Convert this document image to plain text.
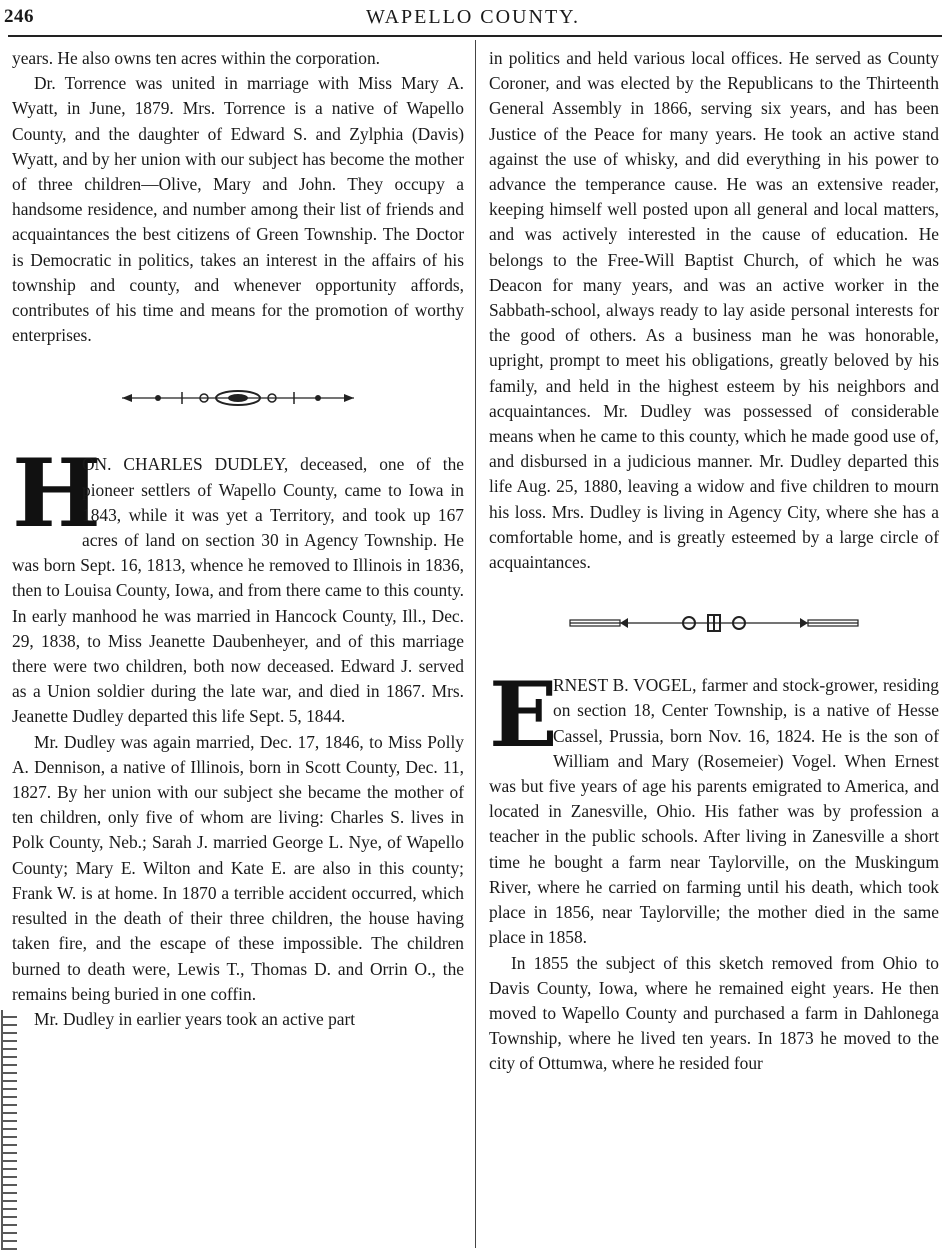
246	WAPELLO COUNTY.

years. He also owns ten acres within the corporation.

Dr. Torrence was united in marriage with Miss Mary A. Wyatt, in June, 1879. Mrs. Torrence is a native of Wapello County, and the daughter of Edward S. and Zylphia (Davis) Wyatt, and by her union with our subject has become the mother of three children—Olive, Mary and John. They occupy a handsome residence, and number among their list of friends and acquaintances the best citizens of Green Township. The Doctor is Democratic in politics, takes an interest in the affairs of his township and county, and whenever opportunity affords, contributes of his time and means for the promotion of worthy enterprises.

H
ON. CHARLES DUDLEY, deceased, one of the pioneer settlers of Wapello County, came to Iowa in 1843, while it was yet a Territory, and took up 167 acres of land on section 30 in Agency Township. He was born Sept. 16, 1813, whence he removed to Illinois in 1836, then to Louisa County, Iowa, and from there came to this county. In early manhood he was married in Hancock County, Ill., Dec. 29, 1838, to Miss Jeanette Daubenheyer, and of this marriage there were two children, both now deceased. Edward J. served as a Union soldier during the late war, and died in 1867. Mrs. Jeanette Dudley departed this life Sept. 5, 1844.

Mr. Dudley was again married, Dec. 17, 1846, to Miss Polly A. Dennison, a native of Illinois, born in Scott County, Dec. 11, 1827. By her union with our subject she became the mother of ten children, only five of whom are living: Charles S. lives in Polk County, Neb.; Sarah J. married George L. Nye, of Wapello County; Mary E. Wilton and Kate E. are also in this county; Frank W. is at home. In 1870 a terrible accident occurred, which resulted in the death of their three children, the house having taken fire, and the escape of these impossible. The children burned to death were, Lewis T., Thomas D. and Orrin O., the remains being buried in one coffin.

Mr. Dudley in earlier years took an active part

in politics and held various local offices. He served as County Coroner, and was elected by the Republicans to the Thirteenth General Assembly in 1866, serving six years, and has been Justice of the Peace for many years. He took an active stand against the use of whisky, and did everything in his power to advance the temperance cause. He was an extensive reader, keeping himself well posted upon all general and local matters, and was actively interested in the cause of education. He belongs to the Free-Will Baptist Church, of which he was Deacon for many years, and was an active worker in the Sabbath-school, always ready to lay aside personal interests for the good of others. As a business man he was honorable, upright, prompt to meet his obligations, greatly beloved by his family, and held in the highest esteem by his neighbors and acquaintances. Mr. Dudley was possessed of considerable means when he came to this county, which he made good use of, and disbursed in a judicious manner. Mr. Dudley departed this life Aug. 25, 1880, leaving a widow and five children to mourn his loss. Mrs. Dudley is living in Agency City, where she has a comfortable home, and is greatly esteemed by a large circle of acquaintances.

E
RNEST B. VOGEL, farmer and stock-grower, residing on section 18, Center Township, is a native of Hesse Cassel, Prussia, born Nov. 16, 1824. He is the son of William and Mary (Rosemeier) Vogel. When Ernest was but five years of age his parents emigrated to America, and located in Zanesville, Ohio. His father was by profession a teacher in the public schools. After living in Zanesville a short time he bought a farm near Taylorville, on the Muskingum River, where he carried on farming until his death, which took place in 1856, near Taylorville; the mother died in the same place in 1858.

In 1855 the subject of this sketch removed from Ohio to Davis County, Iowa, where he remained eight years. He then moved to Wapello County and purchased a farm in Dahlonega Township, where he lived ten years. In 1873 he moved to the city of Ottumwa, where he resided four
